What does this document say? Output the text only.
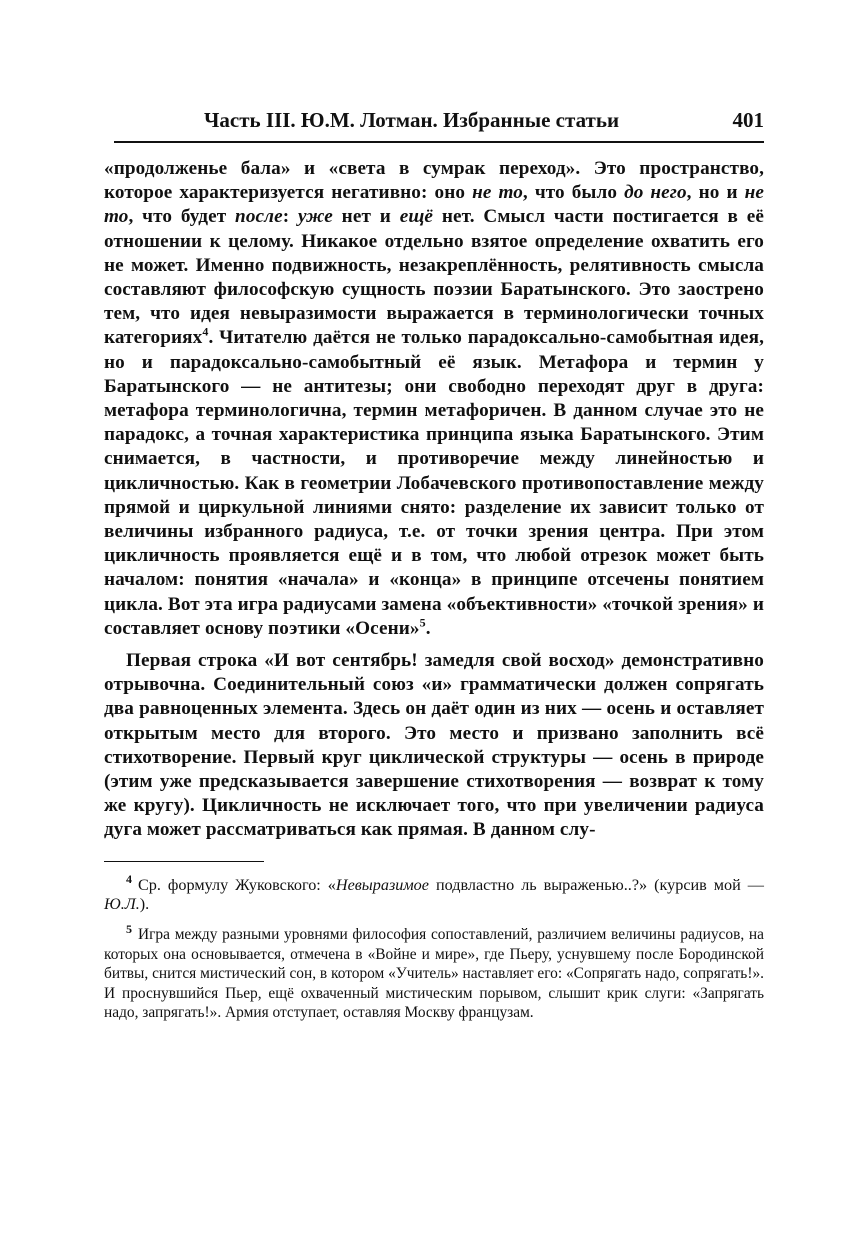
Часть III. Ю.М. Лотман. Избранные статьи	401

«продолженье бала» и «света в сумрак переход». Это пространство, которое характеризуется негативно: оно не то, что было до него, но и не то, что будет после: уже нет и ещё нет. Смысл части постигается в её отношении к целому. Никакое отдельно взятое определение охватить его не может. Именно подвижность, незакреплённость, релятивность смысла составляют философскую сущность поэзии Баратынского. Это заострено тем, что идея невыразимости выражается в терминологически точных категориях$^4$. Читателю даётся не только парадоксально-самобытная идея, но и парадоксально-самобытный её язык. Метафора и термин у Баратынского — не антитезы; они свободно переходят друг в друга: метафора терминологична, термин метафоричен. В данном случае это не парадокс, а точная характеристика принципа языка Баратынского. Этим снимается, в частности, и противоречие между линейностью и цикличностью. Как в геометрии Лобачевского противопоставление между прямой и циркульной линиями снято: разделение их зависит только от величины избранного радиуса, т.е. от точки зрения центра. При этом цикличность проявляется ещё и в том, что любой отрезок может быть началом: понятия «начала» и «конца» в принципе отсечены понятием цикла. Вот эта игра радиусами замена «объективности» «точкой зрения» и составляет основу поэтики «Осени»$^5$.

Первая строка «И вот сентябрь! замедля свой восход» демонстративно отрывочна. Соединительный союз «и» грамматически должен сопрягать два равноценных элемента. Здесь он даёт один из них — осень и оставляет открытым место для второго. Это место и призвано заполнить всё стихотворение. Первый круг циклической структуры — осень в природе (этим уже предсказывается завершение стихотворения — возврат к тому же кругу). Цикличность не исключает того, что при увеличении радиуса дуга может рассматриваться как прямая. В данном слу-

$^4$ Ср. формулу Жуковского: «Невыразимое подвластно ль выраженью..?» (курсив мой — Ю.Л.).

$^5$ Игра между разными уровнями философия сопоставлений, различием величины радиусов, на которых она основывается, отмечена в «Войне и мире», где Пьеру, уснувшему после Бородинской битвы, снится мистический сон, в котором «Учитель» наставляет его: «Сопрягать надо, сопрягать!». И проснувшийся Пьер, ещё охваченный мистическим порывом, слышит крик слуги: «Запрягать надо, запрягать!». Армия отступает, оставляя Москву французам.
